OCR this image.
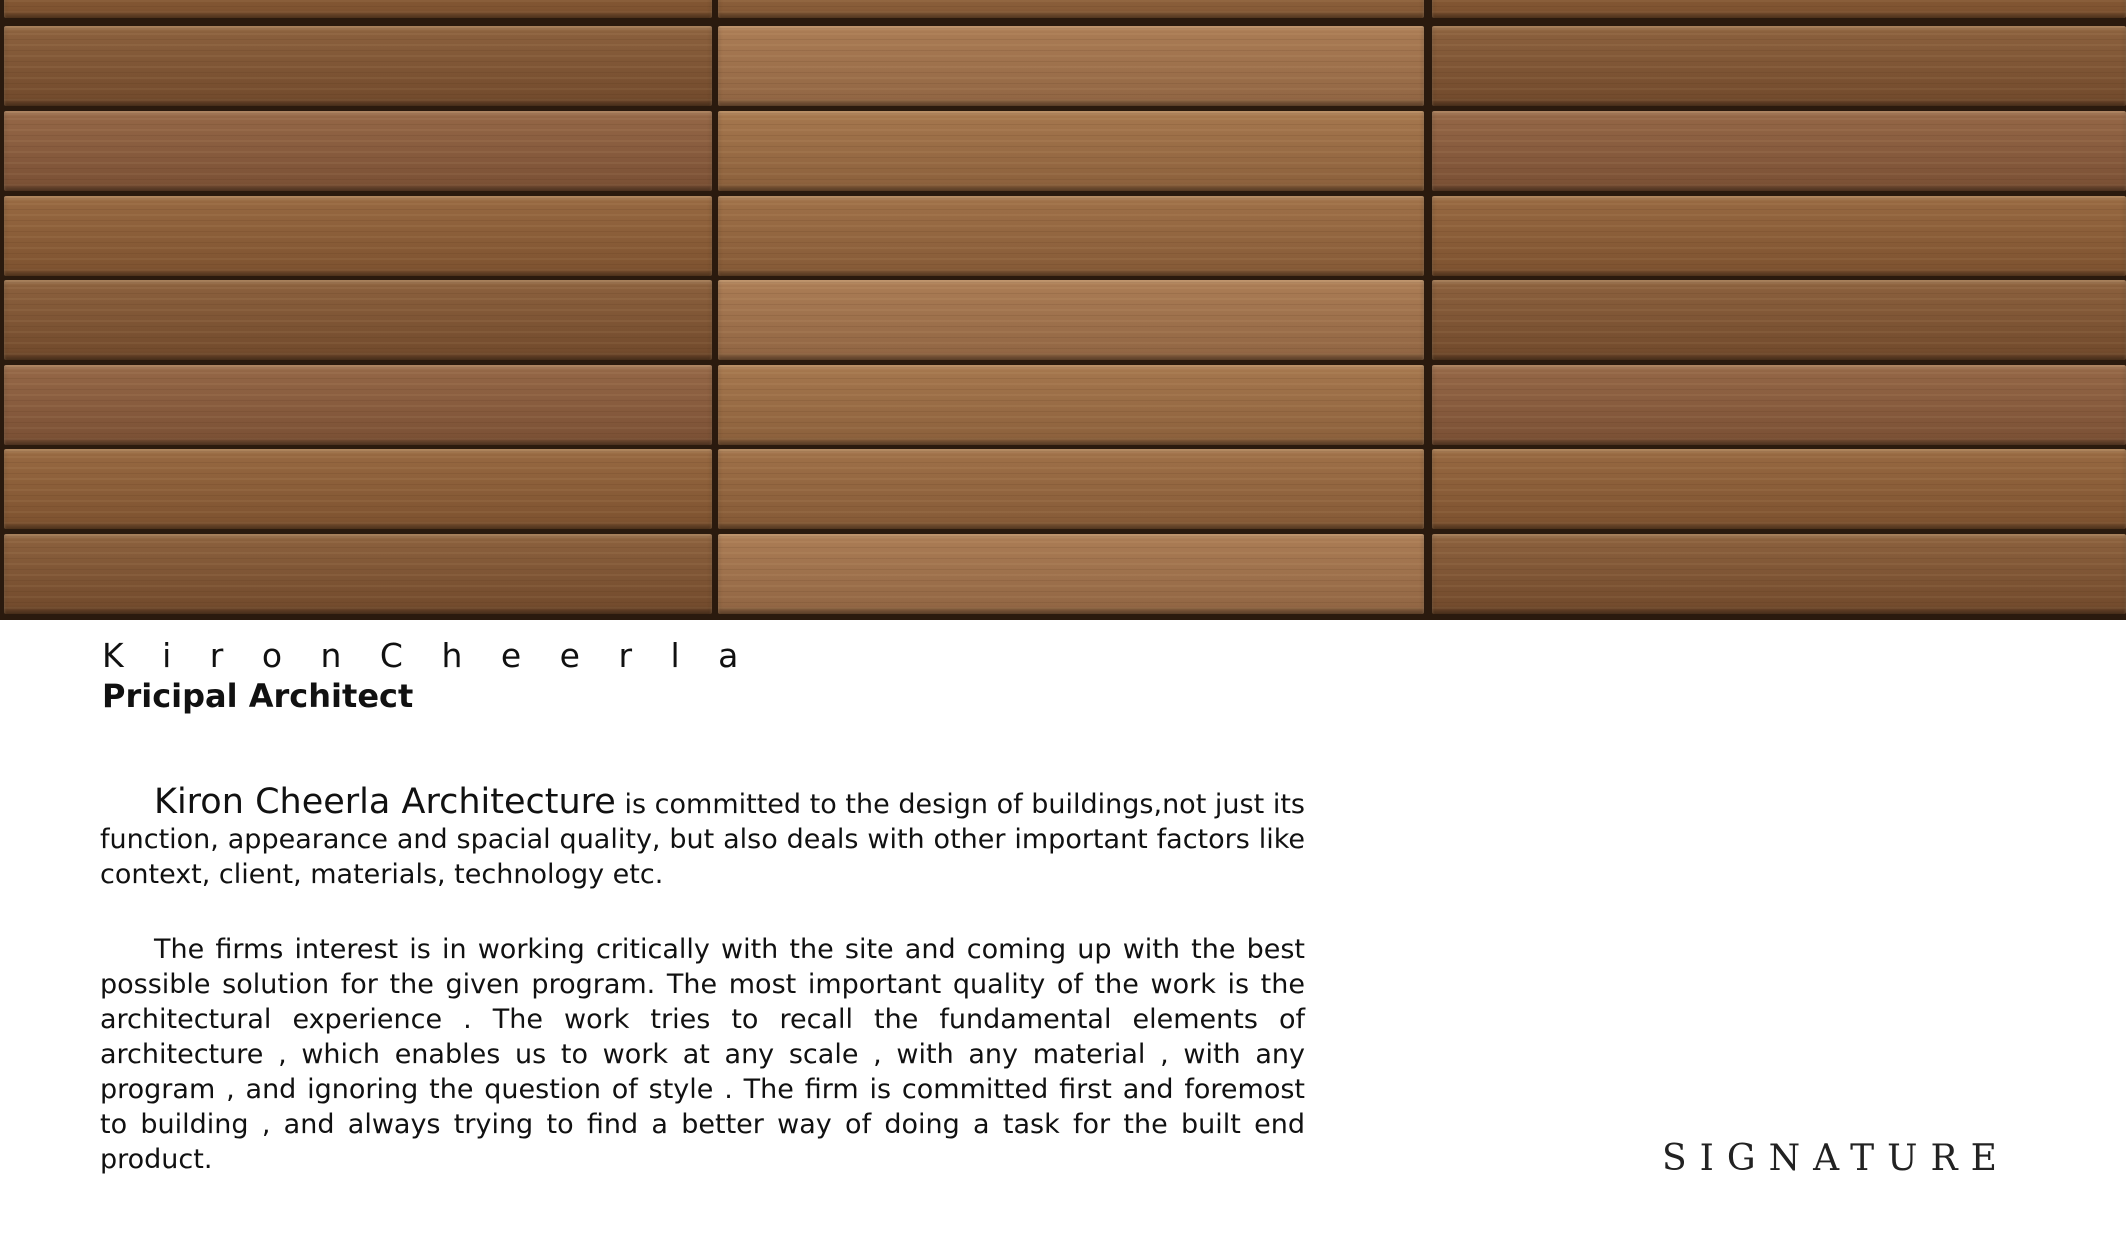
K i r o n C h e e r l a
Pricipal Architect

Kiron Cheerla Architecture is committed to the design of buildings,not just its function, appearance and spacial quality, but also deals with other important factors like context, client, materials, technology etc.

The firms interest is in working critically with the site and coming up with the best possible solution for the given program. The most important quality of the work is the architectural experience . The work tries to recall the fundamental elements of architecture , which enables us to work at any scale , with any material , with any program , and ignoring the question of style . The firm is committed first and foremost to building , and always trying to find a better way of doing a task for the built end product.	SIGNATURE
